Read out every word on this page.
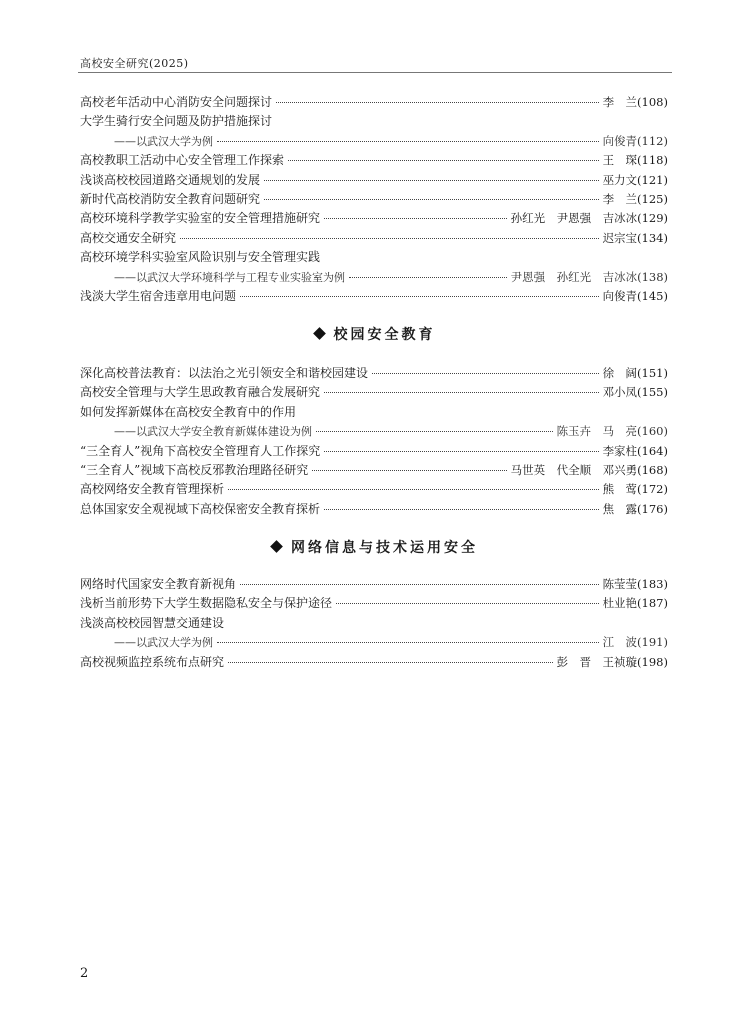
高校安全研究(2025)
高校老年活动中心消防安全问题探讨	李　兰(108)
大学生骑行安全问题及防护措施探讨
——以武汉大学为例	向俊青(112)
高校教职工活动中心安全管理工作探索	王　琛(118)
浅谈高校校园道路交通规划的发展	巫力文(121)
新时代高校消防安全教育问题研究	李　兰(125)
高校环境科学教学实验室的安全管理措施研究	孙红光　尹恩强　吉冰冰(129)
高校交通安全研究	迟宗宝(134)
高校环境学科实验室风险识别与安全管理实践
——以武汉大学环境科学与工程专业实验室为例	尹恩强　孙红光　吉冰冰(138)
浅淡大学生宿舍违章用电问题	向俊青(145)
校园安全教育
深化高校普法教育：以法治之光引领安全和谐校园建设	徐　阔(151)
高校安全管理与大学生思政教育融合发展研究	邓小凤(155)
如何发挥新媒体在高校安全教育中的作用
——以武汉大学安全教育新媒体建设为例	陈玉卉　马　亮(160)
“三全育人”视角下高校安全管理育人工作探究	李家柱(164)
“三全育人”视域下高校反邪教治理路径研究	马世英　代全顺　邓兴勇(168)
高校网络安全教育管理探析	熊　莺(172)
总体国家安全观视域下高校保密安全教育探析	焦　露(176)
网络信息与技术运用安全
网络时代国家安全教育新视角	陈莹莹(183)
浅析当前形势下大学生数据隐私安全与保护途径	杜业艳(187)
浅淡高校校园智慧交通建设
——以武汉大学为例	江　波(191)
高校视频监控系统布点研究	彭　晋　王祯璇(198)
2
